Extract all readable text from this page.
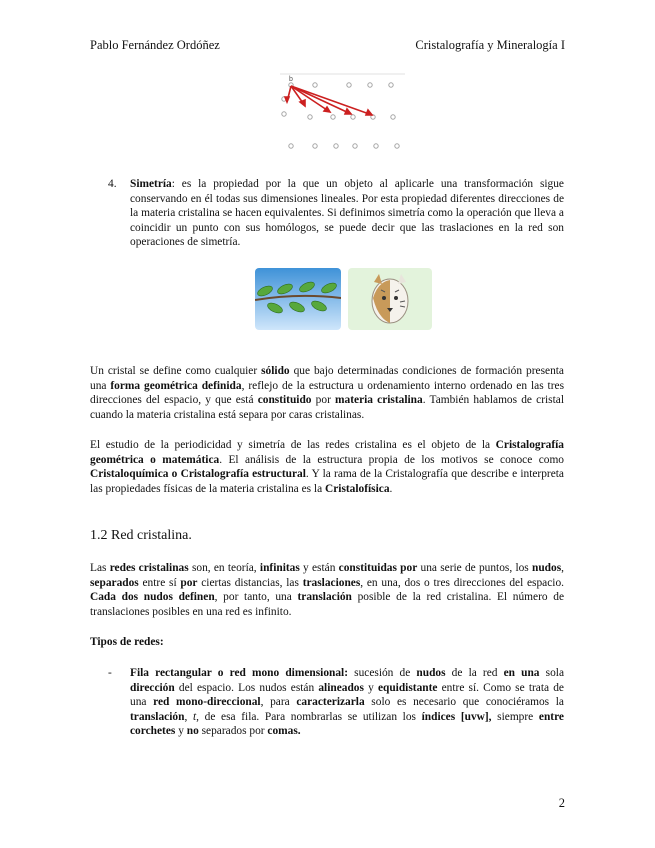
Pablo Fernández Ordóñez	Cristalografía y Mineralogía I
b
4. Simetría: es la propiedad por la que un objeto al aplicarle una transformación sigue conservando en él todas sus dimensiones lineales. Por esta propiedad diferentes direcciones de la materia cristalina se hacen equivalentes. Si definimos simetría como la operación que lleva a coincidir un punto con sus homólogos, se puede decir que las traslaciones en la red son operaciones de simetría.
Un cristal se define como cualquier sólido que bajo determinadas condiciones de formación presenta una forma geométrica definida, reflejo de la estructura u ordenamiento interno ordenado en las tres direcciones del espacio, y que está constituido por materia cristalina. También hablamos de cristal cuando la materia cristalina está separa por caras cristalinas.
El estudio de la periodicidad y simetría de las redes cristalina es el objeto de la Cristalografía geométrica o matemática. El análisis de la estructura propia de los motivos se conoce como Cristaloquímica o Cristalografía estructural. Y la rama de la Cristalografía que describe e interpreta las propiedades físicas de la materia cristalina es la Cristalofísica.
1.2 Red cristalina.
Las redes cristalinas son, en teoría, infinitas y están constituidas por una serie de puntos, los nudos, separados entre sí por ciertas distancias, las traslaciones, en una, dos o tres direcciones del espacio. Cada dos nudos definen, por tanto, una translación posible de la red cristalina. El número de translaciones posibles en una red es infinito.
Tipos de redes:
- Fila rectangular o red mono dimensional: sucesión de nudos de la red en una sola dirección del espacio. Los nudos están alineados y equidistante entre sí. Como se trata de una red mono-direccional, para caracterizarla solo es necesario que conociéramos la translación, t, de esa fila. Para nombrarlas se utilizan los índices [uvw], siempre entre corchetes y no separados por comas.
2
